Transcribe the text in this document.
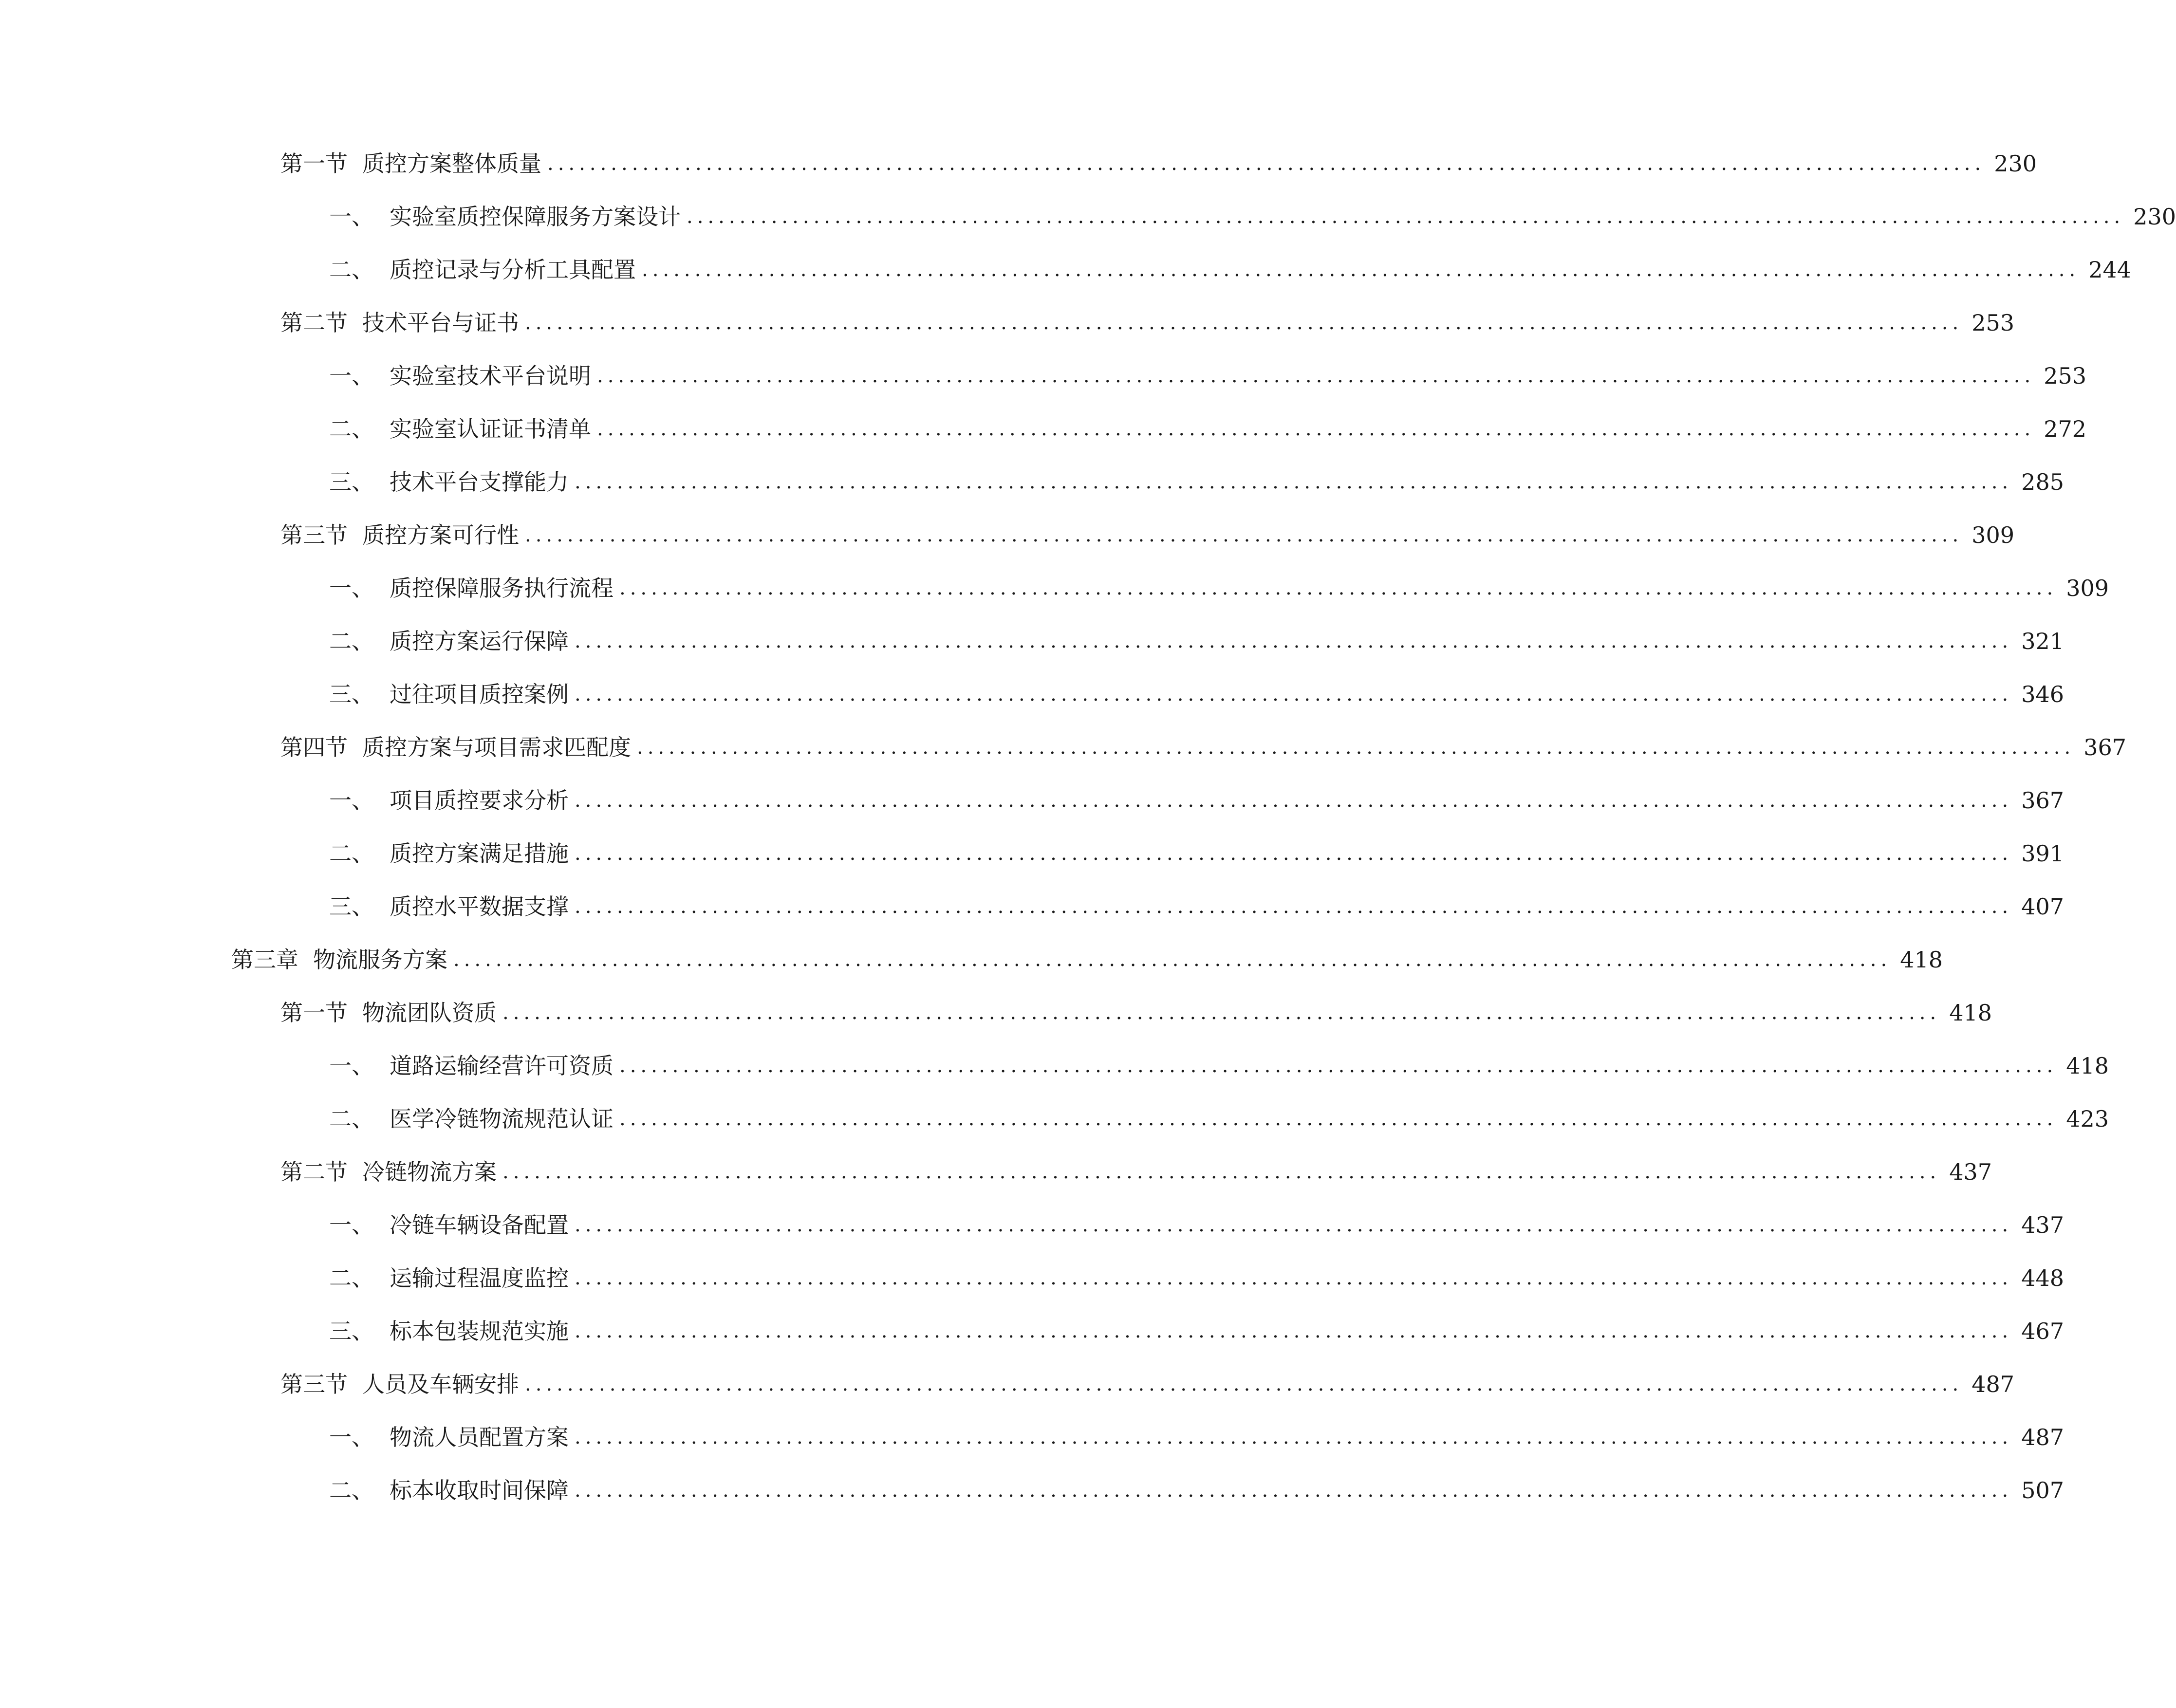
第一节 质控方案整体质量 ........................................................................................................................................ 230
一、 实验室质控保障服务方案设计 ........................................................................................................................................ 230
二、 质控记录与分析工具配置 ........................................................................................................................................ 244
第二节 技术平台与证书 ........................................................................................................................................ 253
一、 实验室技术平台说明 ........................................................................................................................................ 253
二、 实验室认证证书清单 ........................................................................................................................................ 272
三、 技术平台支撑能力 ........................................................................................................................................ 285
第三节 质控方案可行性 ........................................................................................................................................ 309
一、 质控保障服务执行流程 ........................................................................................................................................ 309
二、 质控方案运行保障 ........................................................................................................................................ 321
三、 过往项目质控案例 ........................................................................................................................................ 346
第四节 质控方案与项目需求匹配度 ........................................................................................................................................ 367
一、 项目质控要求分析 ........................................................................................................................................ 367
二、 质控方案满足措施 ........................................................................................................................................ 391
三、 质控水平数据支撑 ........................................................................................................................................ 407
第三章 物流服务方案 ........................................................................................................................................ 418
第一节 物流团队资质 ........................................................................................................................................ 418
一、 道路运输经营许可资质 ........................................................................................................................................ 418
二、 医学冷链物流规范认证 ........................................................................................................................................ 423
第二节 冷链物流方案 ........................................................................................................................................ 437
一、 冷链车辆设备配置 ........................................................................................................................................ 437
二、 运输过程温度监控 ........................................................................................................................................ 448
三、 标本包装规范实施 ........................................................................................................................................ 467
第三节 人员及车辆安排 ........................................................................................................................................ 487
一、 物流人员配置方案 ........................................................................................................................................ 487
二、 标本收取时间保障 ........................................................................................................................................ 507
